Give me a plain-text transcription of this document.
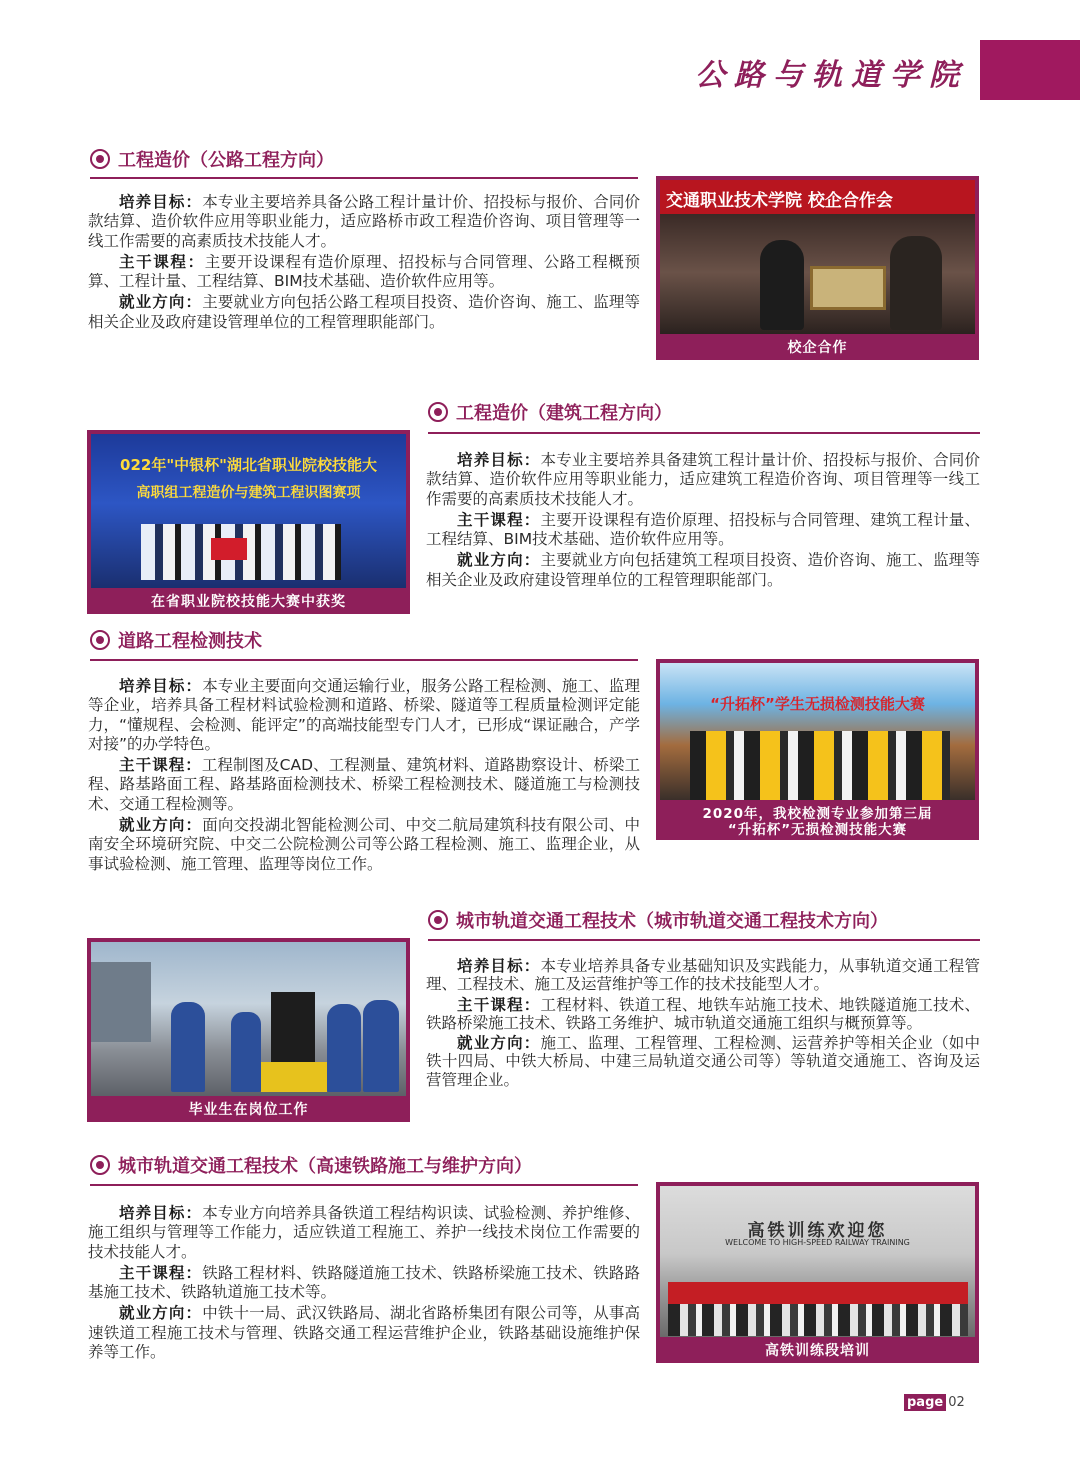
公路与轨道学院
工程造价（公路工程方向）

培养目标：本专业主要培养具备公路工程计量计价、招投标与报价、合同价款结算、造价软件应用等职业能力，适应路桥市政工程造价咨询、项目管理等一线工作需要的高素质技术技能人才。

主干课程：主要开设课程有造价原理、招投标与合同管理、公路工程概预算、工程计量、工程结算、BIM技术基础、造价软件应用等。

就业方向：主要就业方向包括公路工程项目投资、造价咨询、施工、监理等相关企业及政府建设管理单位的工程管理职能部门。

交通职业技术学院 校企合作会
校企合作
工程造价（建筑工程方向）

培养目标：本专业主要培养具备建筑工程计量计价、招投标与报价、合同价款结算、造价软件应用等职业能力，适应建筑工程造价咨询、项目管理等一线工作需要的高素质技术技能人才。

主干课程：主要开设课程有造价原理、招投标与合同管理、建筑工程计量、工程结算、BIM技术基础、造价软件应用等。

就业方向：主要就业方向包括建筑工程项目投资、造价咨询、施工、监理等相关企业及政府建设管理单位的工程管理职能部门。

022年"中银杯"湖北省职业院校技能大
高职组工程造价与建筑工程识图赛项
在省职业院校技能大赛中获奖
道路工程检测技术

培养目标：本专业主要面向交通运输行业，服务公路工程检测、施工、监理等企业，培养具备工程材料试验检测和道路、桥梁、隧道等工程质量检测评定能力，“懂规程、会检测、能评定”的高端技能型专门人才，已形成“课证融合，产学对接”的办学特色。

主干课程：工程制图及CAD、工程测量、建筑材料、道路勘察设计、桥梁工程、路基路面工程、路基路面检测技术、桥梁工程检测技术、隧道施工与检测技术、交通工程检测等。

就业方向：面向交投湖北智能检测公司、中交二航局建筑科技有限公司、中南安全环境研究院、中交二公院检测公司等公路工程检测、施工、监理企业，从事试验检测、施工管理、监理等岗位工作。

“升拓杯”学生无损检测技能大赛
2020年，我校检测专业参加第三届
“升拓杯”无损检测技能大赛
城市轨道交通工程技术（城市轨道交通工程技术方向）

培养目标：本专业培养具备专业基础知识及实践能力，从事轨道交通工程管理、工程技术、施工及运营维护等工作的技术技能型人才。

主干课程：工程材料、铁道工程、地铁车站施工技术、地铁隧道施工技术、铁路桥梁施工技术、铁路工务维护、城市轨道交通施工组织与概预算等。

就业方向：施工、监理、工程管理、工程检测、运营养护等相关企业（如中铁十四局、中铁大桥局、中建三局轨道交通公司等）等轨道交通施工、咨询及运营管理企业。

毕业生在岗位工作
城市轨道交通工程技术（高速铁路施工与维护方向）

培养目标：本专业方向培养具备铁道工程结构识读、试验检测、养护维修、施工组织与管理等工作能力，适应铁道工程施工、养护一线技术岗位工作需要的技术技能人才。

主干课程：铁路工程材料、铁路隧道施工技术、铁路桥梁施工技术、铁路路基施工技术、铁路轨道施工技术等。

就业方向：中铁十一局、武汉铁路局、湖北省路桥集团有限公司等，从事高速铁道工程施工技术与管理、铁路交通工程运营维护企业，铁路基础设施维护保养等工作。

高铁训练欢迎您
WELCOME TO HIGH-SPEED RAILWAY TRAINING
高铁训练段培训
page 02
